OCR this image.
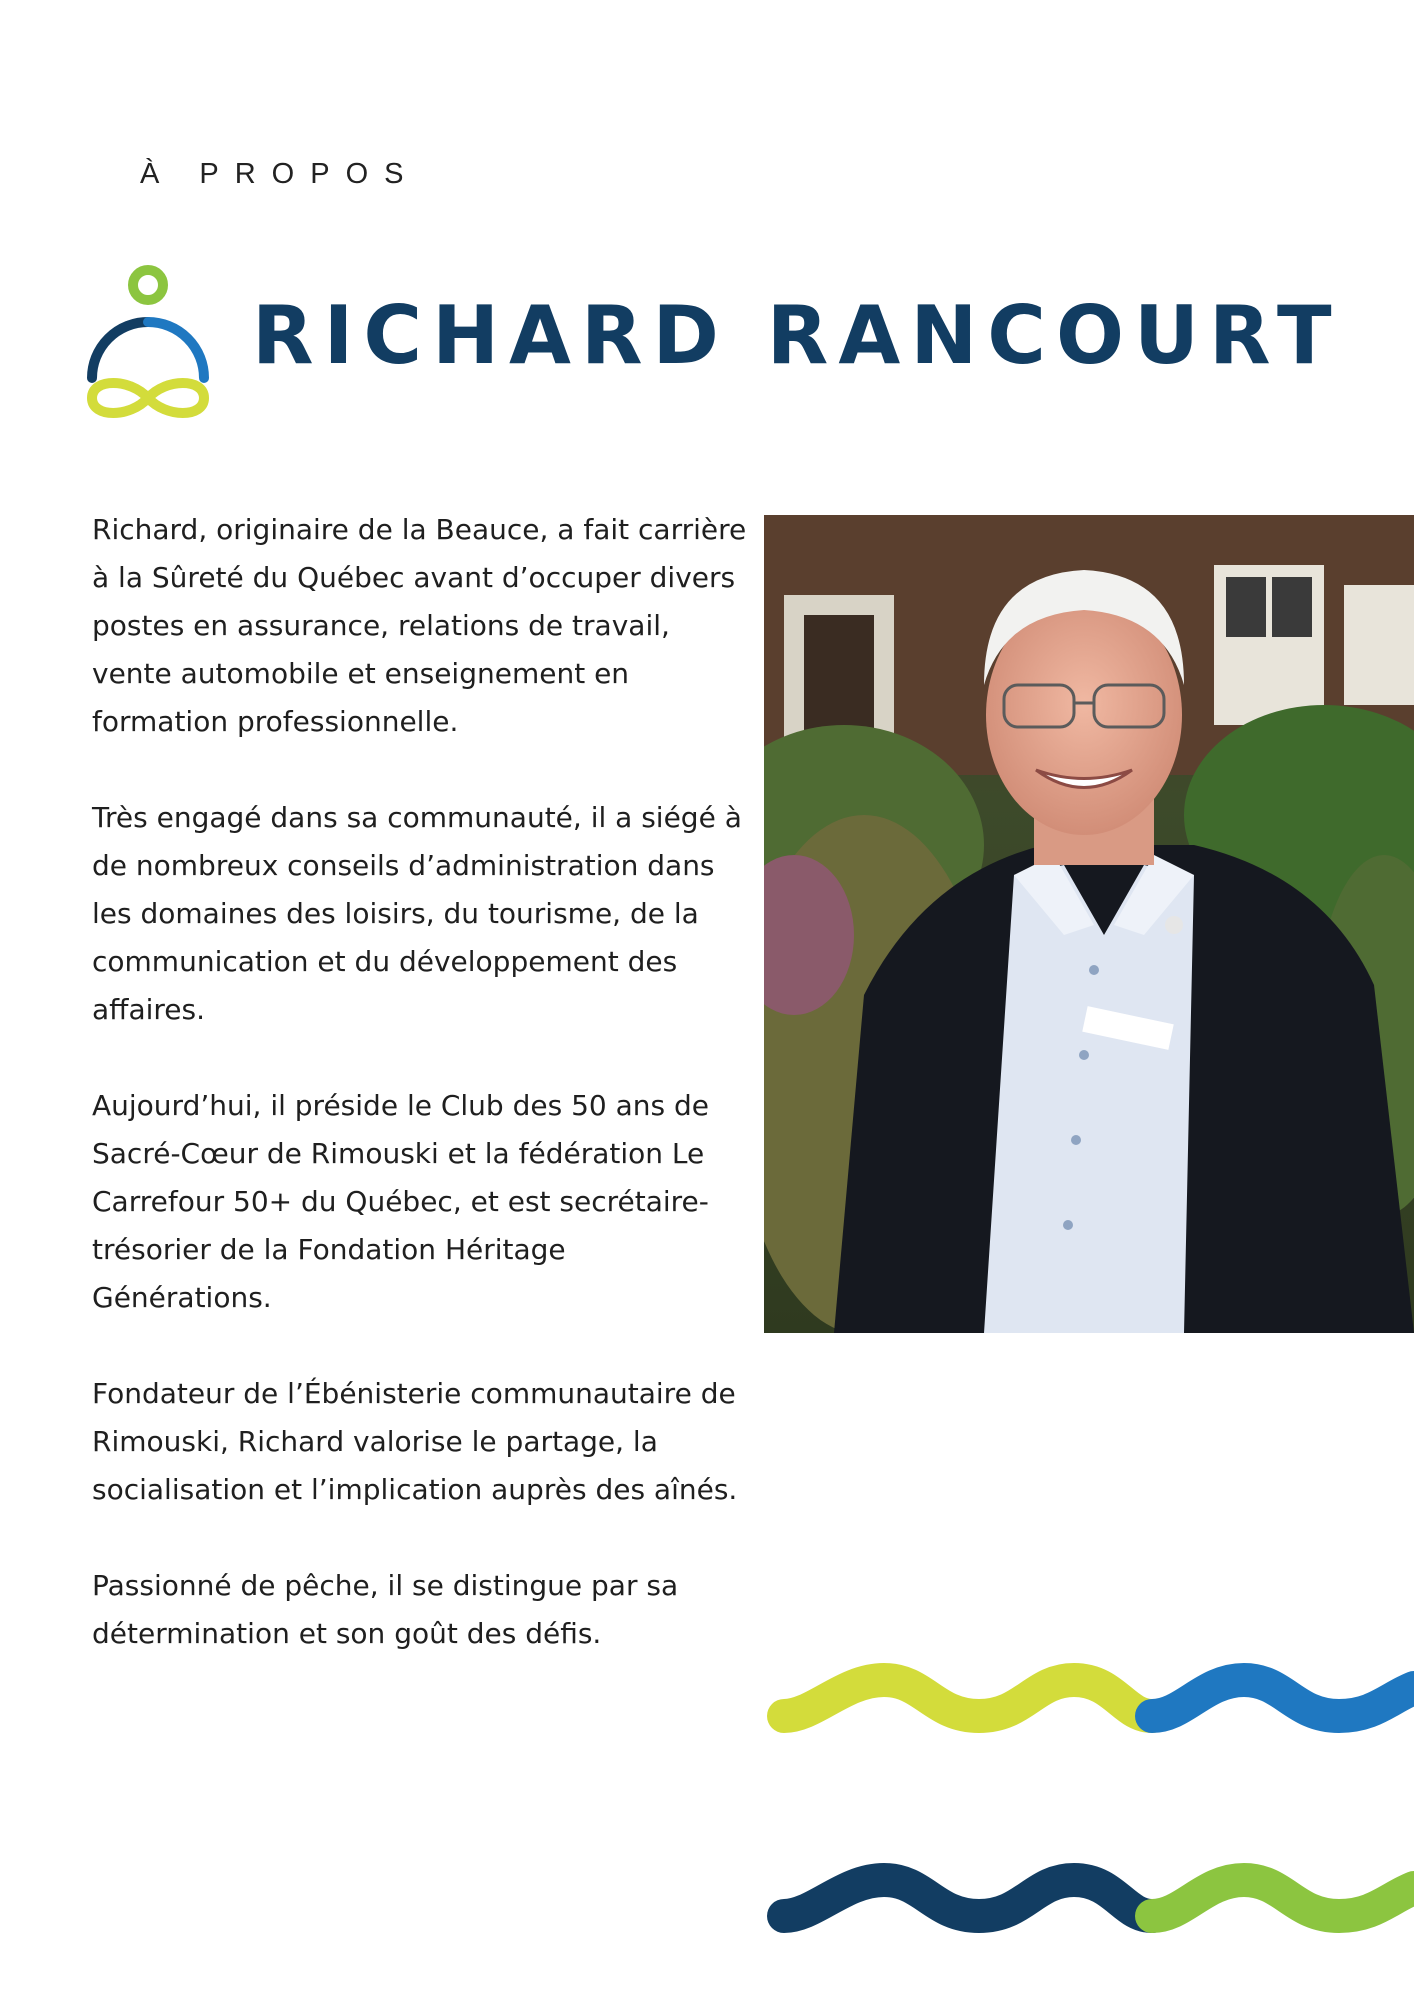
À PROPOS
RICHARD RANCOURT

Richard, originaire de la Beauce, a fait carrière à la Sûreté du Québec avant d’occuper divers postes en assurance, relations de travail, vente automobile et enseignement en formation professionnelle.

Très engagé dans sa communauté, il a siégé à de nombreux conseils d’administration dans les domaines des loisirs, du tourisme, de la communication et du développement des affaires.

Aujourd’hui, il préside le Club des 50 ans de Sacré-Cœur de Rimouski et la fédération Le Carrefour 50+ du Québec, et est secrétaire-trésorier de la Fondation Héritage Générations.

Fondateur de l’Ébénisterie communautaire de Rimouski, Richard valorise le partage, la socialisation et l’implication auprès des aînés.

Passionné de pêche, il se distingue par sa détermination et son goût des défis.
